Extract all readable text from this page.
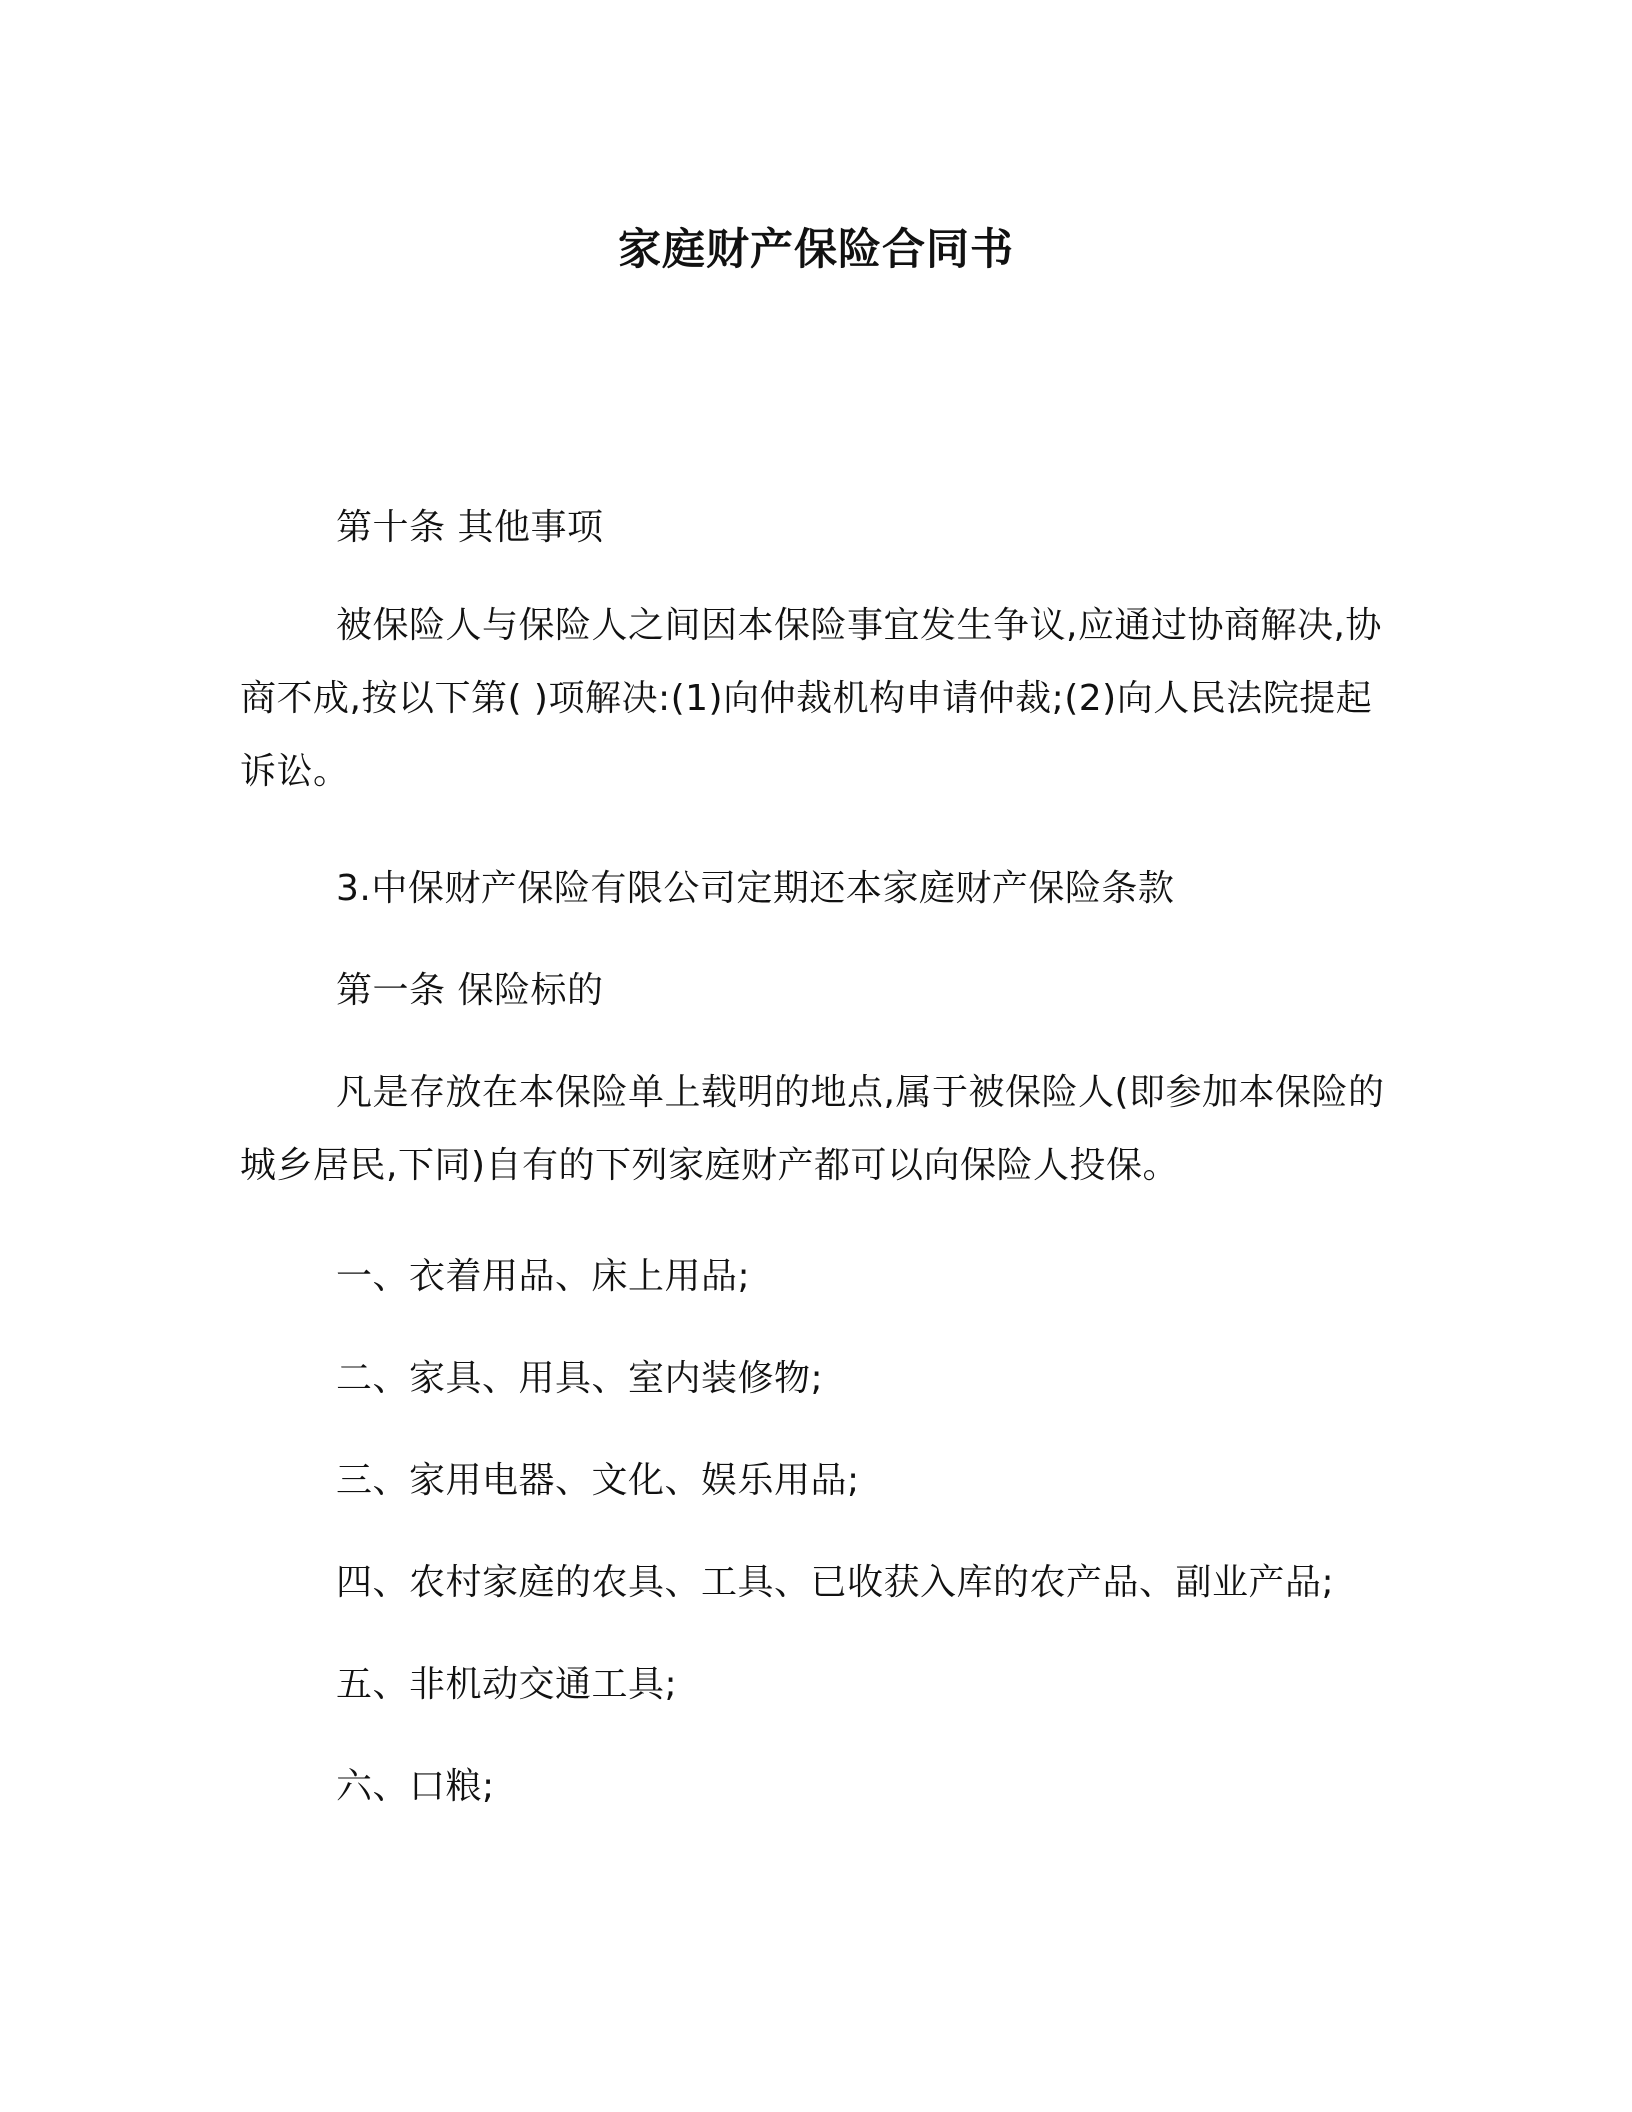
家庭财产保险合同书

第十条 其他事项

被保险人与保险人之间因本保险事宜发生争议,应通过协商解决,协商不成,按以下第( )项解决:(1)向仲裁机构申请仲裁;(2)向人民法院提起诉讼。

3.中保财产保险有限公司定期还本家庭财产保险条款

第一条 保险标的

凡是存放在本保险单上载明的地点,属于被保险人(即参加本保险的城乡居民,下同)自有的下列家庭财产都可以向保险人投保。

一、衣着用品、床上用品;

二、家具、用具、室内装修物;

三、家用电器、文化、娱乐用品;

四、农村家庭的农具、工具、已收获入库的农产品、副业产品;

五、非机动交通工具;

六、口粮;
